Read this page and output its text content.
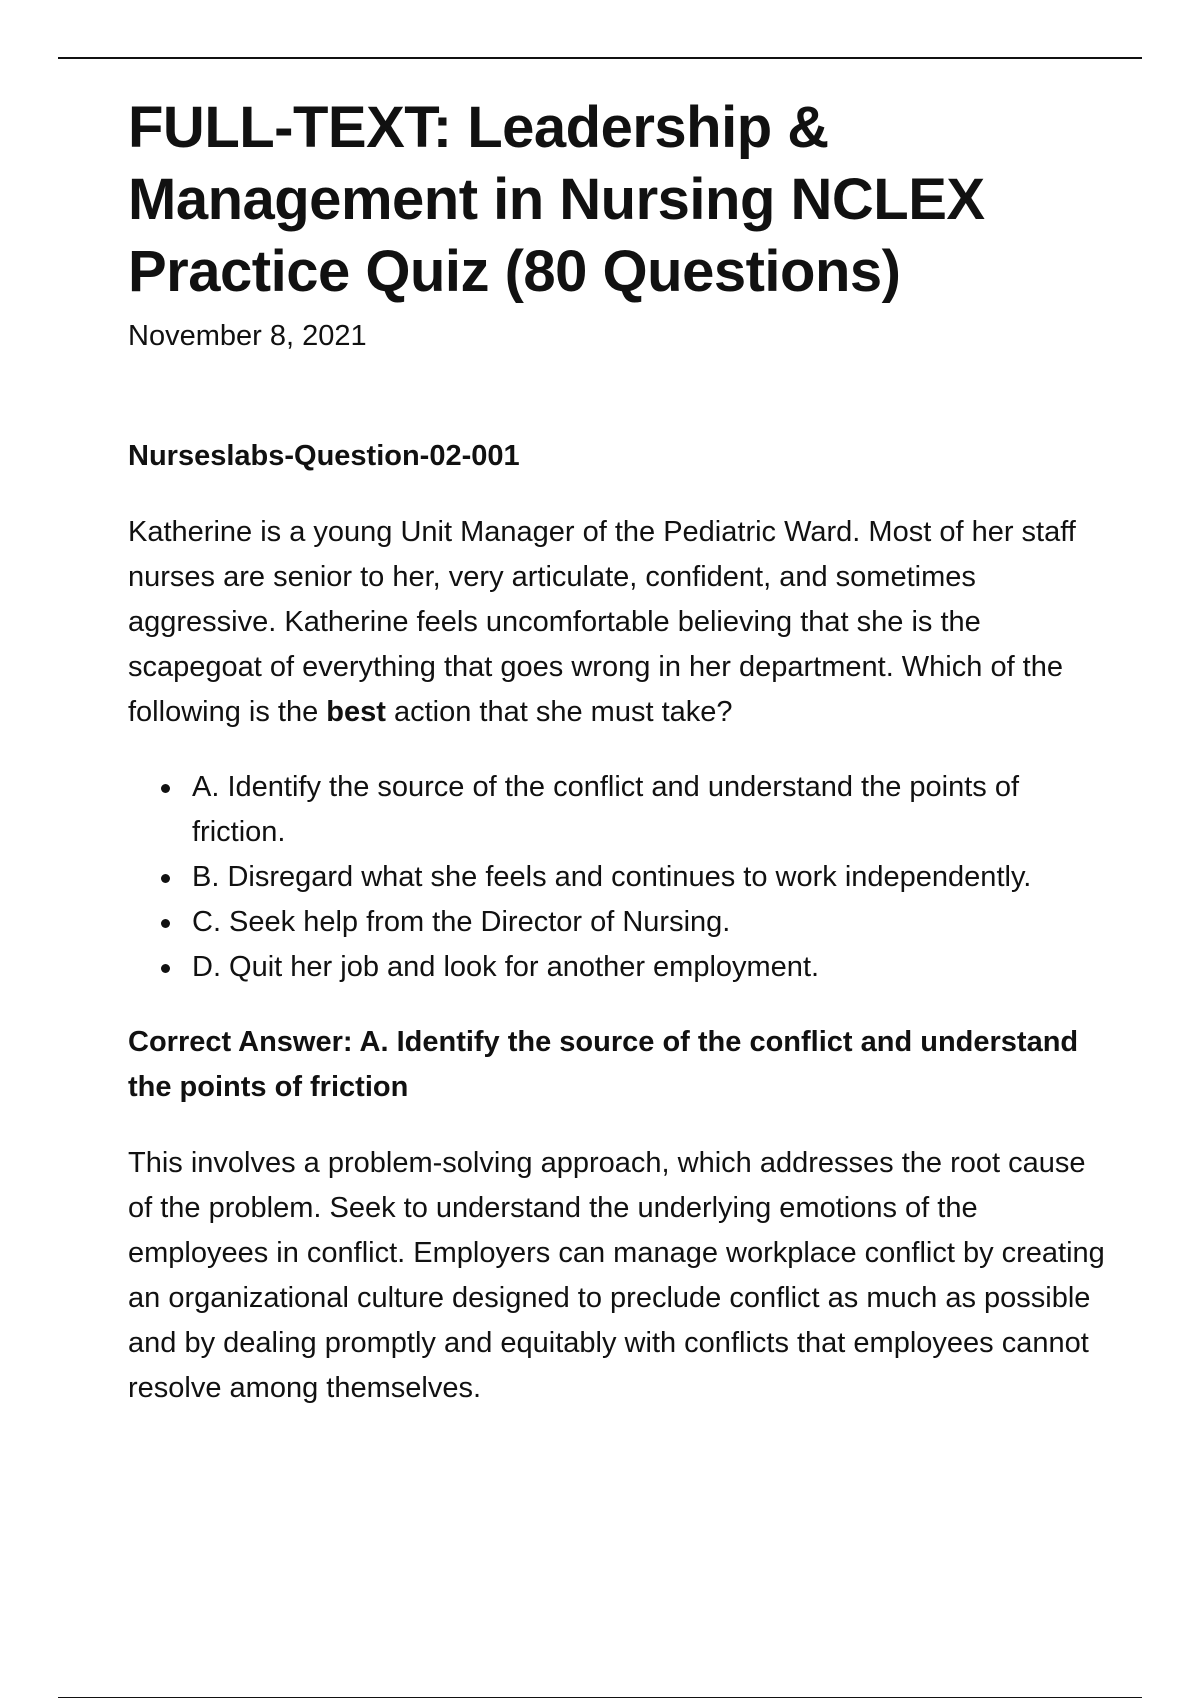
FULL-TEXT: Leadership & Management in Nursing NCLEX Practice Quiz (80 Questions)
November 8, 2021
Nurseslabs-Question-02-001

Katherine is a young Unit Manager of the Pediatric Ward. Most of her staff nurses are senior to her, very articulate, confident, and sometimes aggressive. Katherine feels uncomfortable believing that she is the scapegoat of everything that goes wrong in her department. Which of the following is the best action that she must take?

A. Identify the source of the conflict and understand the points of friction.
B. Disregard what she feels and continues to work independently.
C. Seek help from the Director of Nursing.
D. Quit her job and look for another employment.
Correct Answer: A. Identify the source of the conflict and understand the points of friction

This involves a problem-solving approach, which addresses the root cause of the problem. Seek to understand the underlying emotions of the employees in conflict. Employers can manage workplace conflict by creating an organizational culture designed to preclude conflict as much as possible and by dealing promptly and equitably with conflicts that employees cannot resolve among themselves.
